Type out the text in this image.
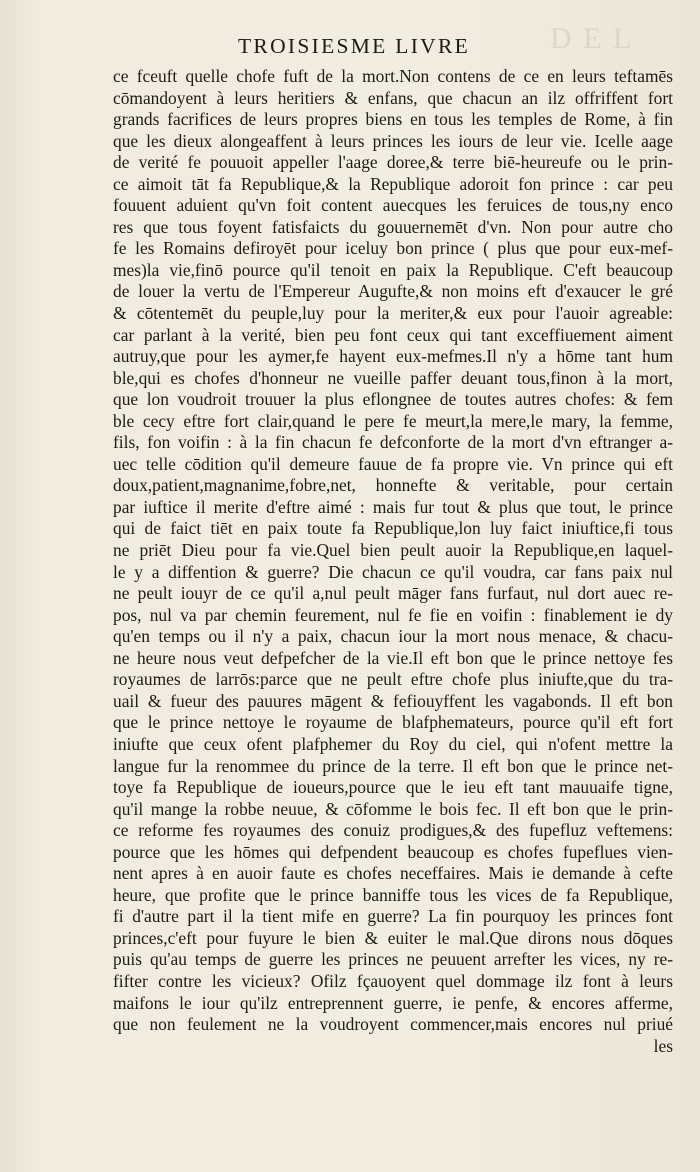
D E L
TROISIESME LIVRE
ce fceuft quelle chofe fuft de la mort.Non contens de ce en leurs teftamēs
cōmandoyent à leurs heritiers & enfans, que chacun an ilz offriffent fort
grands facrifices de leurs propres biens en tous les temples de Rome, à fin
que les dieux alongeaffent à leurs princes les iours de leur vie. Icelle aage
de verité fe pouuoit appeller l'aage doree,& terre biē-heureufe ou le prin-
ce aimoit tāt fa Republique,& la Republique adoroit fon prince : car peu
fouuent aduient qu'vn foit content auecques les feruices de tous,ny enco
res que tous foyent fatisfaicts du gouuernemēt d'vn. Non pour autre cho
fe les Romains defiroyēt pour iceluy bon prince ( plus que pour eux-mef-
mes)la vie,finō pource qu'il tenoit en paix la Republique. C'eft beaucoup
de louer la vertu de l'Empereur Augufte,& non moins eft d'exaucer le gré
& cōtentemēt du peuple,luy pour la meriter,& eux pour l'auoir agreable:
car parlant à la verité, bien peu font ceux qui tant exceffiuement aiment
autruy,que pour les aymer,fe hayent eux-mefmes.Il n'y a hōme tant hum
ble,qui es chofes d'honneur ne vueille paffer deuant tous,finon à la mort,
que lon voudroit trouuer la plus eflongnee de toutes autres chofes: & fem
ble cecy eftre fort clair,quand le pere fe meurt,la mere,le mary, la femme,
fils, fon voifin : à la fin chacun fe defconforte de la mort d'vn eftranger a-
uec telle cōdition qu'il demeure fauue de fa propre vie. Vn prince qui eft
doux,patient,magnanime,fobre,net, honnefte & veritable, pour certain
par iuftice il merite d'eftre aimé : mais fur tout & plus que tout, le prince
qui de faict tiēt en paix toute fa Republique,lon luy faict iniuftice,fi tous
ne priēt Dieu pour fa vie.Quel bien peult auoir la Republique,en laquel-
le y a diffention & guerre? Die chacun ce qu'il voudra, car fans paix nul
ne peult iouyr de ce qu'il a,nul peult māger fans furfaut, nul dort auec re-
pos, nul va par chemin feurement, nul fe fie en voifin : finablement ie dy
qu'en temps ou il n'y a paix, chacun iour la mort nous menace, & chacu-
ne heure nous veut defpefcher de la vie.Il eft bon que le prince nettoye fes
royaumes de larrōs:parce que ne peult eftre chofe plus iniufte,que du tra-
uail & fueur des pauures māgent & fefiouyffent les vagabonds. Il eft bon
que le prince nettoye le royaume de blafphemateurs, pource qu'il eft fort
iniufte que ceux ofent plafphemer du Roy du ciel, qui n'ofent mettre la
langue fur la renommee du prince de la terre. Il eft bon que le prince net-
toye fa Republique de ioueurs,pource que le ieu eft tant mauuaife tigne,
qu'il mange la robbe neuue, & cōfomme le bois fec. Il eft bon que le prin-
ce reforme fes royaumes des conuiz prodigues,& des fupefluz veftemens:
pource que les hōmes qui defpendent beaucoup es chofes fupeflues vien-
nent apres à en auoir faute es chofes neceffaires. Mais ie demande à cefte
heure, que profite que le prince banniffe tous les vices de fa Republique,
fi d'autre part il la tient mife en guerre? La fin pourquoy les princes font
princes,c'eft pour fuyure le bien & euiter le mal.Que dirons nous dōques
puis qu'au temps de guerre les princes ne peuuent arrefter les vices, ny re-
fifter contre les vicieux? Ofilz fçauoyent quel dommage ilz font à leurs
maifons le iour qu'ilz entreprennent guerre, ie penfe, & encores afferme,
que non feulement ne la voudroyent commencer,mais encores nul priué
les
